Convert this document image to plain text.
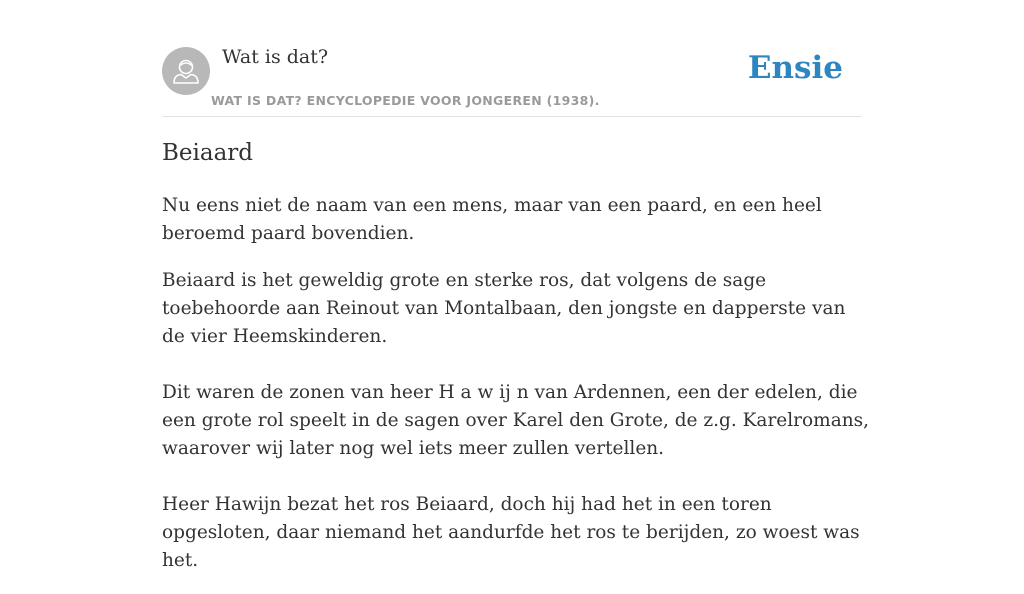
Wat is dat?
WAT IS DAT? ENCYCLOPEDIE VOOR JONGEREN (1938).
Ensie
Beiaard

Nu eens niet de naam van een mens, maar van een paard, en een heel beroemd paard bovendien.

Beiaard is het geweldig grote en sterke ros, dat volgens de sage toebehoorde aan Reinout van Montalbaan, den jongste en dapperste van de vier Heemskinderen.

Dit waren de zonen van heer H a w ij n van Ardennen, een der edelen, die een grote rol speelt in de sagen over Karel den Grote, de z.g. Karelromans, waarover wij later nog wel iets meer zullen vertellen.

Heer Hawijn bezat het ros Beiaard, doch hij had het in een toren opgesloten, daar niemand het aandurfde het ros te berijden, zo woest was het.
